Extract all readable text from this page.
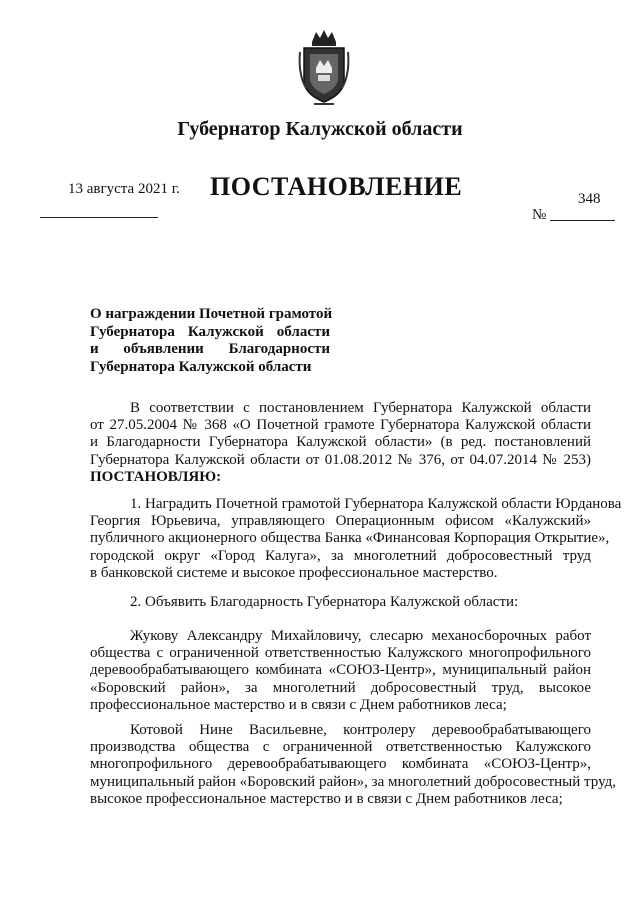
Губернатор Калужской области
13 августа 2021 г. ПОСТАНОВЛЕНИЕ	348
№
О награждении Почетной грамотой
Губернатора Калужской области
и объявлении Благодарности
Губернатора Калужской области
В соответствии с постановлением Губернатора Калужской области
от 27.05.2004 № 368 «О Почетной грамоте Губернатора Калужской области
и Благодарности Губернатора Калужской области» (в ред. постановлений
Губернатора Калужской области от 01.08.2012 № 376, от 04.07.2014 № 253)
ПОСТАНОВЛЯЮ:
1. Наградить Почетной грамотой Губернатора Калужской области Юрданова
Георгия Юрьевича, управляющего Операционным офисом «Калужский»
публичного акционерного общества Банка «Финансовая Корпорация Открытие»,
городской округ «Город Калуга», за многолетний добросовестный труд
в банковской системе и высокое профессиональное мастерство.
2. Объявить Благодарность Губернатора Калужской области:
Жукову Александру Михайловичу, слесарю механосборочных работ
общества с ограниченной ответственностью Калужского многопрофильного
деревообрабатывающего комбината «СОЮЗ-Центр», муниципальный район
«Боровский район», за многолетний добросовестный труд, высокое
профессиональное мастерство и в связи с Днем работников леса;
Котовой Нине Васильевне, контролеру деревообрабатывающего
производства общества с ограниченной ответственностью Калужского
многопрофильного деревообрабатывающего комбината «СОЮЗ-Центр»,
муниципальный район «Боровский район», за многолетний добросовестный труд,
высокое профессиональное мастерство и в связи с Днем работников леса;
